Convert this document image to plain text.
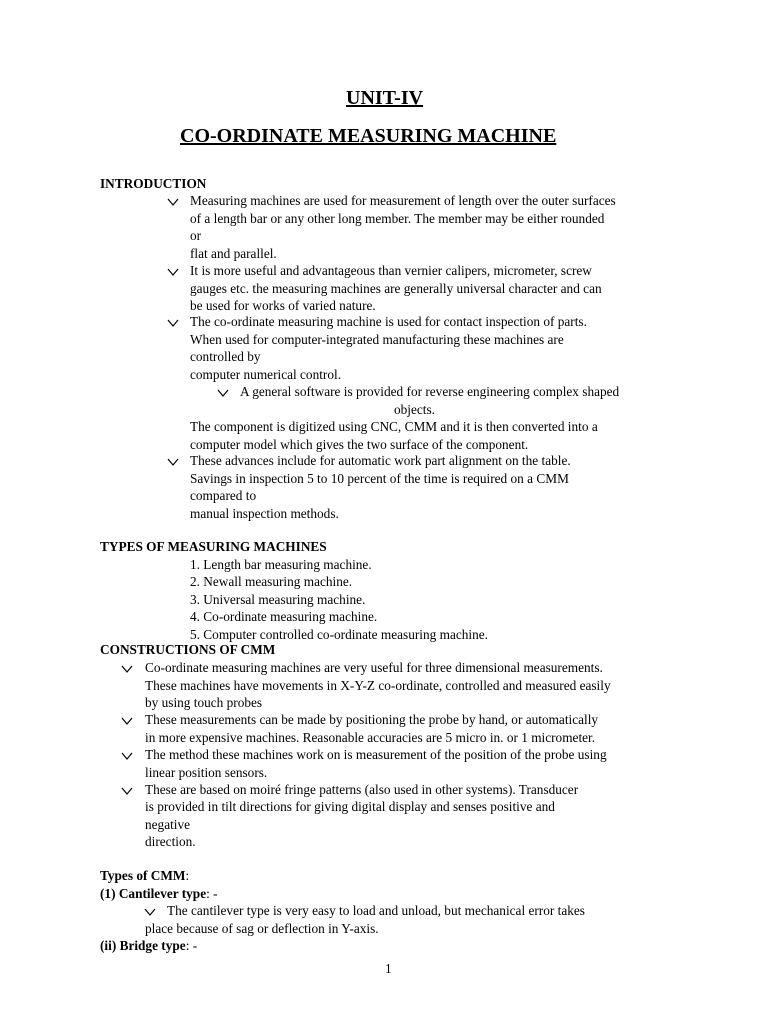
UNIT-IV
CO-ORDINATE MEASURING MACHINE
INTRODUCTION
Measuring machines are used for measurement of length over the outer surfaces
of a length bar or any other long member. The member may be either rounded
or
flat and parallel.
It is more useful and advantageous than vernier calipers, micrometer, screw
gauges etc. the measuring machines are generally universal character and can
be used for works of varied nature.
The co-ordinate measuring machine is used for contact inspection of parts.
When used for computer-integrated manufacturing these machines are
controlled by
computer numerical control.
A general software is provided for reverse engineering complex shaped
objects.
The component is digitized using CNC, CMM and it is then converted into a
computer model which gives the two surface of the component.
These advances include for automatic work part alignment on the table.
Savings in inspection 5 to 10 percent of the time is required on a CMM
compared to
manual inspection methods.
TYPES OF MEASURING MACHINES
1. Length bar measuring machine.
2. Newall measuring machine.
3. Universal measuring machine.
4. Co-ordinate measuring machine.
5. Computer controlled co-ordinate measuring machine.
CONSTRUCTIONS OF CMM
Co-ordinate measuring machines are very useful for three dimensional measurements.
These machines have movements in X-Y-Z co-ordinate, controlled and measured easily
by using touch probes
These measurements can be made by positioning the probe by hand, or automatically
in more expensive machines. Reasonable accuracies are 5 micro in. or 1 micrometer.
The method these machines work on is measurement of the position of the probe using
linear position sensors.
These are based on moiré fringe patterns (also used in other systems). Transducer
is provided in tilt directions for giving digital display and senses positive and
negative
direction.
Types of CMM:
(1) Cantilever type: -
The cantilever type is very easy to load and unload, but mechanical error takes
place because of sag or deflection in Y-axis.
(ii) Bridge type: -
1
